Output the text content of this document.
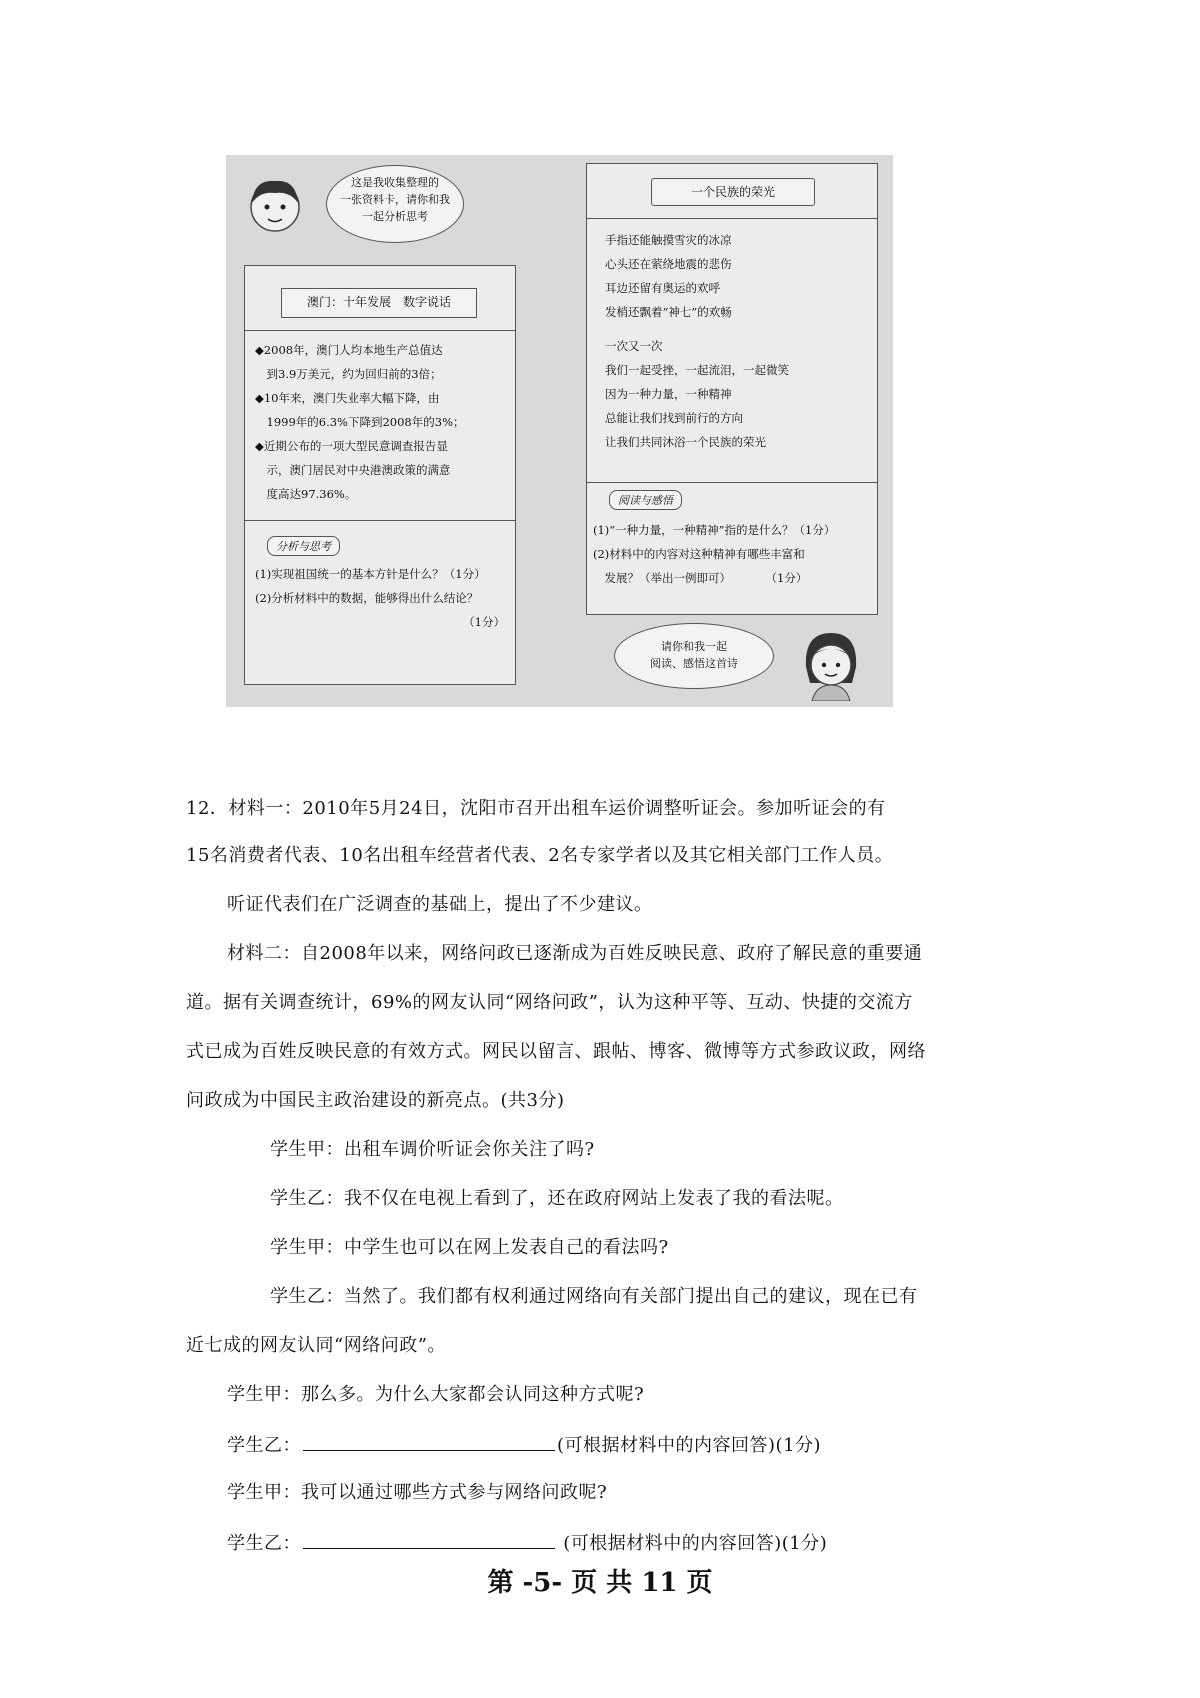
这是我收集整理的
一张资料卡，请你和我
一起分析思考
澳门：十年发展　数字说话
◆2008年，澳门人均本地生产总值达
　到3.9万美元，约为回归前的3倍；
◆10年来，澳门失业率大幅下降，由
　1999年的6.3%下降到2008年的3%；
◆近期公布的一项大型民意调查报告显
　示，澳门居民对中央港澳政策的满意
　度高达97.36%。
分析与思考
(1)实现祖国统一的基本方针是什么？（1分）
(2)分析材料中的数据，能够得出什么结论？
（1分）
一个民族的荣光
手指还能触摸雪灾的冰凉
心头还在萦绕地震的悲伤
耳边还留有奥运的欢呼
发梢还飘着“神七”的欢畅
一次又一次
我们一起受挫，一起流泪，一起微笑
因为一种力量，一种精神
总能让我们找到前行的方向
让我们共同沐浴一个民族的荣光
阅读与感悟
(1)“一种力量，一种精神”指的是什么？（1分）
(2)材料中的内容对这种精神有哪些丰富和
　发展？（举出一例即可）　　　　（1分）
请你和我一起
阅读、感悟这首诗
12．材料一：2010年5月24日，沈阳市召开出租车运价调整听证会。参加听证会的有
15名消费者代表、10名出租车经营者代表、2名专家学者以及其它相关部门工作人员。
听证代表们在广泛调查的基础上，提出了不少建议。
材料二：自2008年以来，网络问政已逐渐成为百姓反映民意、政府了解民意的重要通
道。据有关调查统计，69%的网友认同“网络问政”，认为这种平等、互动、快捷的交流方
式已成为百姓反映民意的有效方式。网民以留言、跟帖、博客、微博等方式参政议政，网络
问政成为中国民主政治建设的新亮点。(共3分)
学生甲：出租车调价听证会你关注了吗?
学生乙：我不仅在电视上看到了，还在政府网站上发表了我的看法呢。
学生甲：中学生也可以在网上发表自己的看法吗?
学生乙：当然了。我们都有权利通过网络向有关部门提出自己的建议，现在已有
近七成的网友认同“网络问政”。
学生甲：那么多。为什么大家都会认同这种方式呢?
学生乙：	(可根据材料中的内容回答)(1分)
学生甲：我可以通过哪些方式参与网络问政呢?
学生乙：	(可根据材料中的内容回答)(1分)
第 -5- 页 共 11 页
